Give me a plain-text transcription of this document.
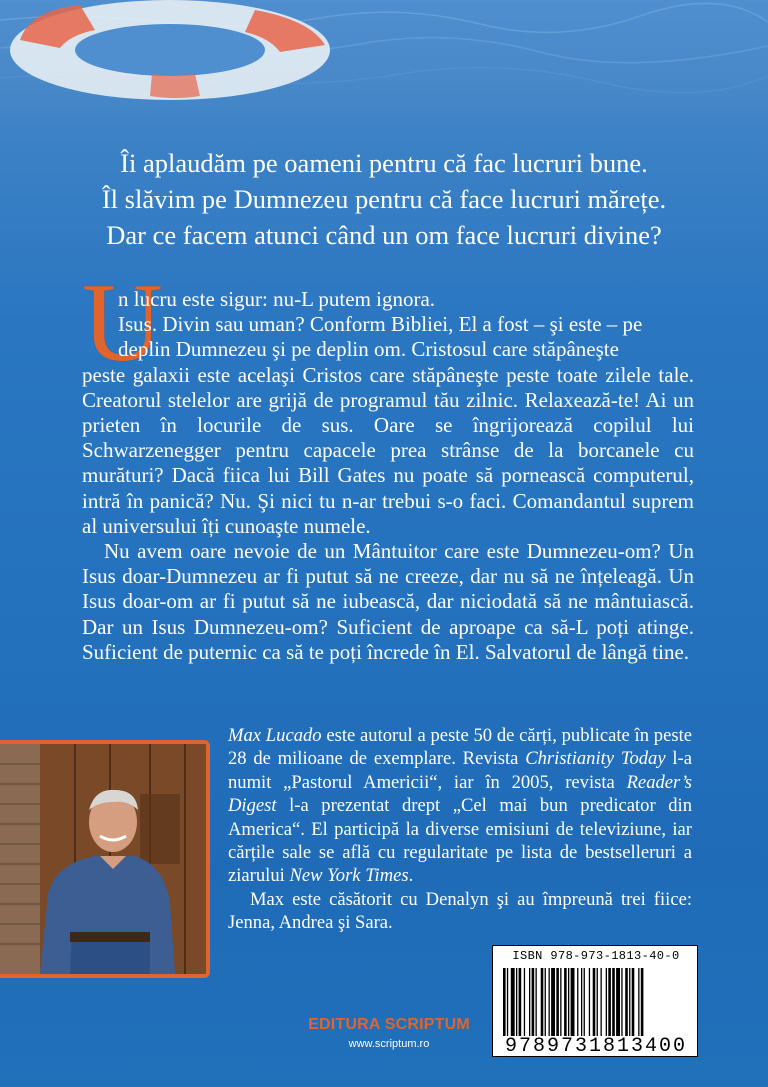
Îi aplaudăm pe oameni pentru că fac lucruri bune.
Îl slăvim pe Dumnezeu pentru că face lucruri mărețe.
Dar ce facem atunci când un om face lucruri divine?
U
n lucru este sigur: nu-L putem ignora.
Isus. Divin sau uman? Conform Bibliei, El a fost – şi este – pe
deplin Dumnezeu şi pe deplin om. Cristosul care stăpâneşte
peste galaxii este acelaşi Cristos care stăpâneşte peste toate zilele tale. Creatorul stelelor are grijă de programul tău zilnic. Relaxează-te! Ai un prieten în locurile de sus. Oare se îngrijorează copilul lui Schwarzenegger pentru capacele prea strânse de la borcanele cu murături? Dacă fiica lui Bill Gates nu poate să pornească computerul, intră în panică? Nu. Şi nici tu n-ar trebui s-o faci. Comandantul suprem al universului îți cunoaşte numele.
Nu avem oare nevoie de un Mântuitor care este Dumnezeu-om? Un Isus doar-Dumnezeu ar fi putut să ne creeze, dar nu să ne înțeleagă. Un Isus doar-om ar fi putut să ne iubească, dar niciodată să ne mântuiască. Dar un Isus Dumnezeu-om? Suficient de aproape ca să-L poți atinge. Suficient de puternic ca să te poți încrede în El. Salvatorul de lângă tine.
Max Lucado este autorul a peste 50 de cărți, publicate în peste 28 de milioane de exemplare. Revista Christianity Today l-a numit „Pastorul Americii“, iar în 2005, revista Reader’s Digest l-a prezentat drept „Cel mai bun predicator din America“. El participă la diverse emisiuni de televiziune, iar cărțile sale se află cu regularitate pe lista de bestselleruri a ziarului New York Times.
Max este căsătorit cu Denalyn şi au împreună trei fiice: Jenna, Andrea şi Sara.
ISBN 978-973-1813-40-0
9789731813400
EDITURA SCRIPTUM
www.scriptum.ro
